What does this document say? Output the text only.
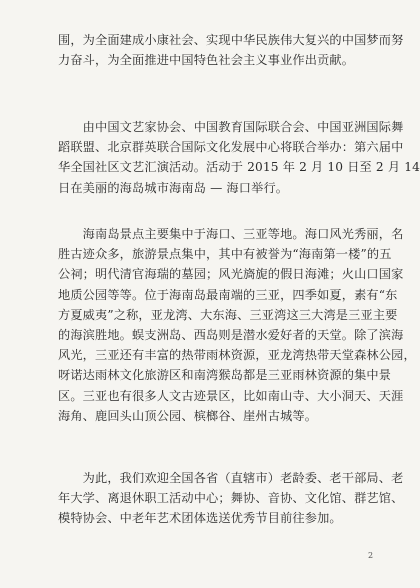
围，为全面建成小康社会、实现中华民族伟大复兴的中国梦而努
力奋斗，为全面推进中国特色社会主义事业作出贡献。

　　由中国文艺家协会、中国教育国际联合会、中国亚洲国际舞
蹈联盟、北京群英联合国际文化发展中心将联合举办：第六届中
华全国社区文艺汇演活动。活动于 2015 年 2 月 10 日至 2 月 14
日在美丽的海岛城市海南岛 — 海口举行。

　　海南岛景点主要集中于海口、三亚等地。海口风光秀丽，名
胜古迹众多，旅游景点集中，其中有被誉为“海南第一楼”的五
公祠；明代清官海瑞的墓园；风光旖旎的假日海滩；火山口国家
地质公园等等。位于海南岛最南端的三亚，四季如夏，素有“东
方夏威夷”之称，亚龙湾、大东海、三亚湾这三大湾是三亚主要
的海滨胜地。蜈支洲岛、西岛则是潜水爱好者的天堂。除了滨海
风光，三亚还有丰富的热带雨林资源，亚龙湾热带天堂森林公园，
呀诺达雨林文化旅游区和南湾猴岛都是三亚雨林资源的集中景
区。三亚也有很多人文古迹景区，比如南山寺、大小洞天、天涯
海角、鹿回头山顶公园、槟榔谷、崖州古城等。

　　为此，我们欢迎全国各省（直辖市）老龄委、老干部局、老
年大学、离退休职工活动中心；舞协、音协、文化馆、群艺馆、
模特协会、中老年艺术团体选送优秀节目前往参加。

2
